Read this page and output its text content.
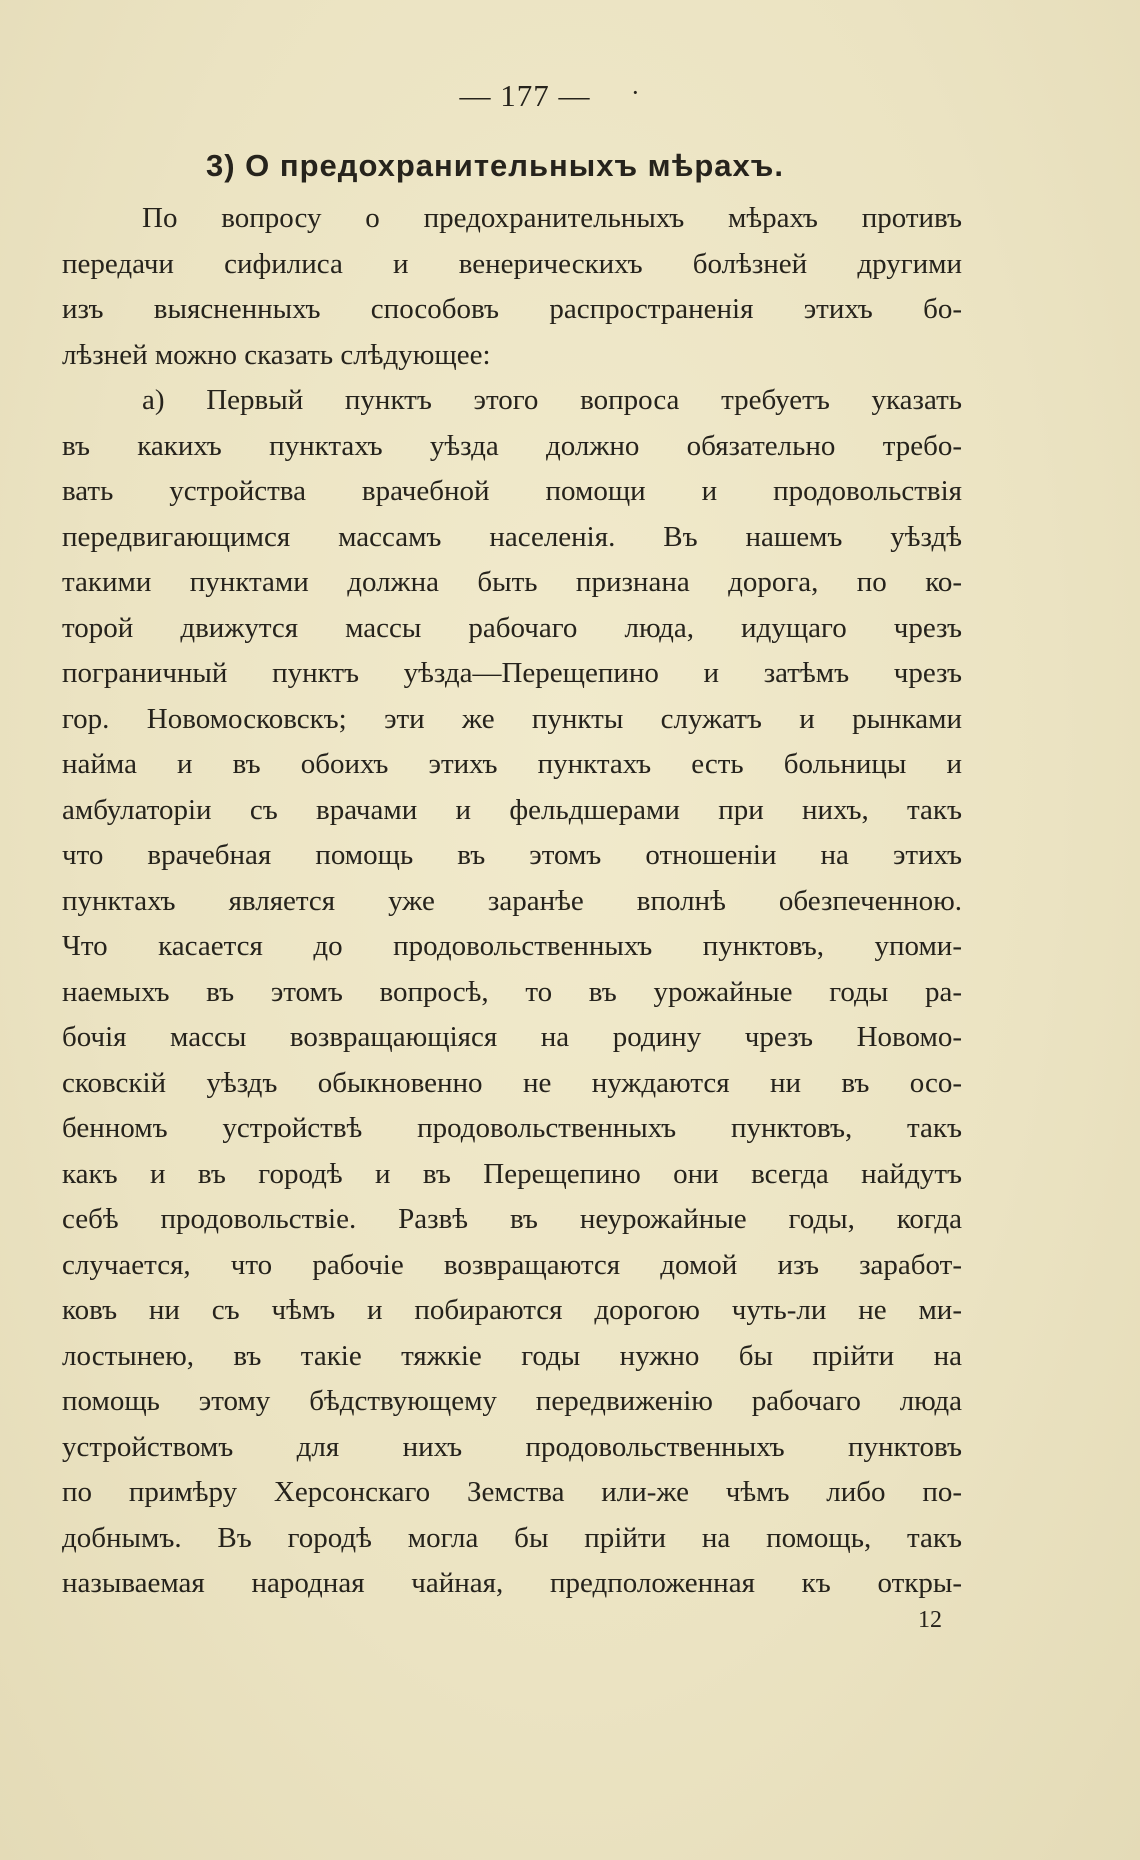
— 177 —	·
3) О предохранительныхъ мѣрахъ.
По вопросу о предохранительныхъ мѣрахъ противъ
передачи сифилиса и венерическихъ болѣзней другими
изъ выясненныхъ способовъ распространенія этихъ бо-
лѣзней можно сказать слѣдующее:
а) Первый пунктъ этого вопроса требуетъ указать
въ какихъ пунктахъ уѣзда должно обязательно требо-
вать устройства врачебной помощи и продовольствія
передвигающимся массамъ населенія. Въ нашемъ уѣздѣ
такими пунктами должна быть признана дорога, по ко-
торой движутся массы рабочаго люда, идущаго чрезъ
пограничный пунктъ уѣзда—Перещепино и затѣмъ чрезъ
гор. Новомосковскъ; эти же пункты служатъ и рынками
найма и въ обоихъ этихъ пунктахъ есть больницы и
амбулаторіи съ врачами и фельдшерами при нихъ, такъ
что врачебная помощь въ этомъ отношеніи на этихъ
пунктахъ является уже заранѣе вполнѣ обезпеченною.
Что касается до продовольственныхъ пунктовъ, упоми-
наемыхъ въ этомъ вопросѣ, то въ урожайные годы ра-
бочія массы возвращающіяся на родину чрезъ Новомо-
сковскій уѣздъ обыкновенно не нуждаются ни въ осо-
бенномъ устройствѣ продовольственныхъ пунктовъ, такъ
какъ и въ городѣ и въ Перещепино они всегда найдутъ
себѣ продовольствіе. Развѣ въ неурожайные годы, когда
случается, что рабочіе возвращаются домой изъ заработ-
ковъ ни съ чѣмъ и побираются дорогою чуть-ли не ми-
лостынею, въ такіе тяжкіе годы нужно бы прійти на
помощь этому бѣдствующему передвиженію рабочаго люда
устройствомъ для нихъ продовольственныхъ пунктовъ
по примѣру Херсонскаго Земства или-же чѣмъ либо по-
добнымъ. Въ городѣ могла бы прійти на помощь, такъ
называемая народная чайная, предположенная къ откры-
12
